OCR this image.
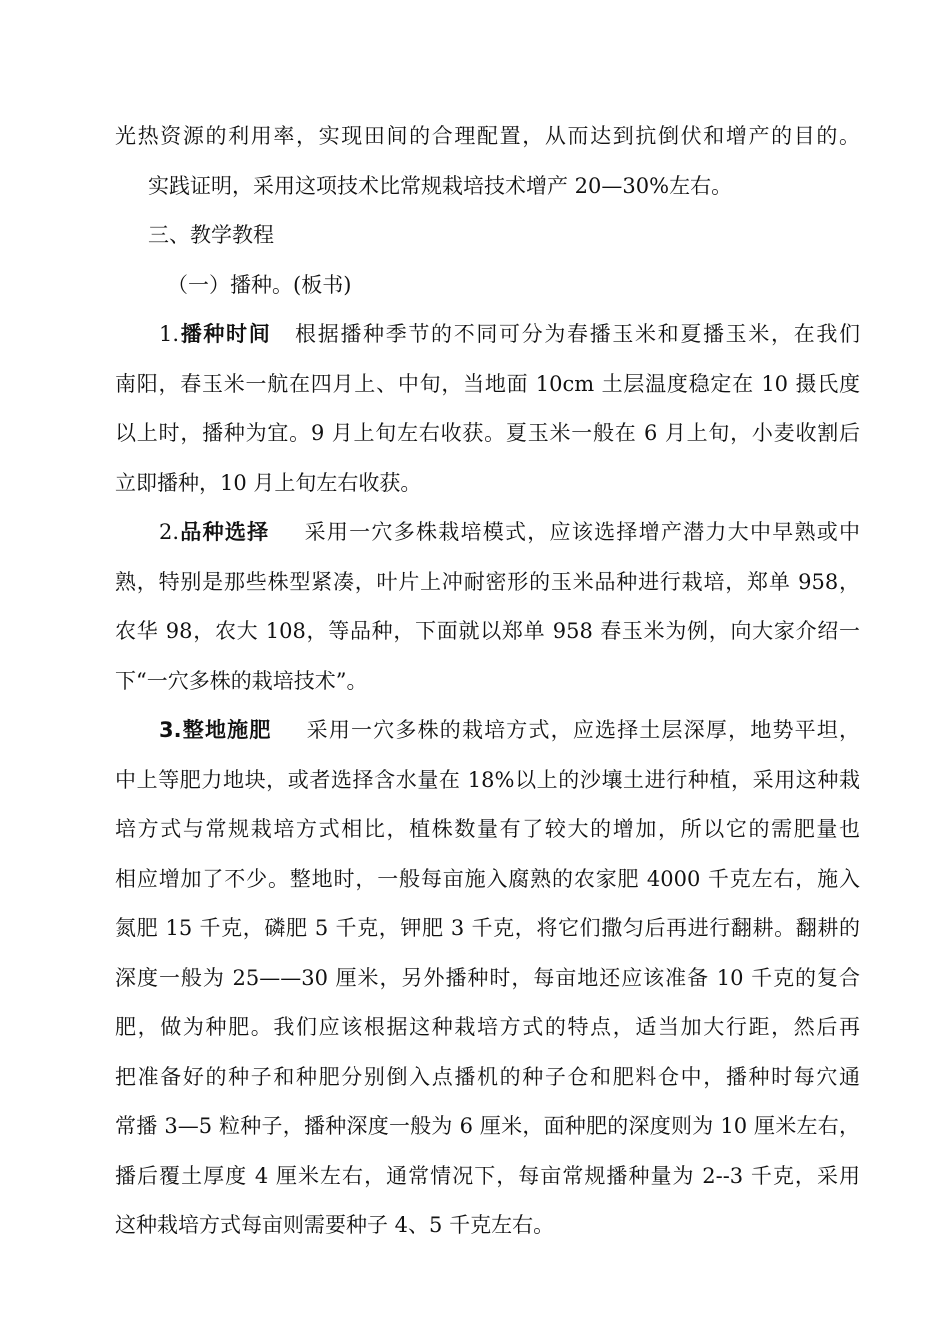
光热资源的利用率，实现田间的合理配置，从而达到抗倒伏和增产的目的。
实践证明，采用这项技术比常规栽培技术增产 20—30%左右。
三、教学教程
（一）播种。(板书)
1.播种时间 根据播种季节的不同可分为春播玉米和夏播玉米，在我们
南阳，春玉米一航在四月上、中旬，当地面 10cm 土层温度稳定在 10 摄氏度
以上时，播种为宜。9 月上旬左右收获。夏玉米一般在 6 月上旬，小麦收割后
立即播种，10 月上旬左右收获。
2.品种选择 采用一穴多株栽培模式，应该选择增产潜力大中早熟或中
熟，特别是那些株型紧凑，叶片上冲耐密形的玉米品种进行栽培，郑单 958，
农华 98，农大 108，等品种，下面就以郑单 958 春玉米为例，向大家介绍一
下“一穴多株的栽培技术”。
3.整地施肥 采用一穴多株的栽培方式，应选择土层深厚，地势平坦，
中上等肥力地块，或者选择含水量在 18%以上的沙壤土进行种植，采用这种栽
培方式与常规栽培方式相比，植株数量有了较大的增加，所以它的需肥量也
相应增加了不少。整地时，一般每亩施入腐熟的农家肥 4000 千克左右，施入
氮肥 15 千克，磷肥 5 千克，钾肥 3 千克，将它们撒匀后再进行翻耕。翻耕的
深度一般为 25——30 厘米，另外播种时，每亩地还应该准备 10 千克的复合
肥，做为种肥。我们应该根据这种栽培方式的特点，适当加大行距，然后再
把准备好的种子和种肥分别倒入点播机的种子仓和肥料仓中，播种时每穴通
常播 3—5 粒种子，播种深度一般为 6 厘米，面种肥的深度则为 10 厘米左右，
播后覆土厚度 4 厘米左右，通常情况下，每亩常规播种量为 2--3 千克，采用
这种栽培方式每亩则需要种子 4、5 千克左右。
